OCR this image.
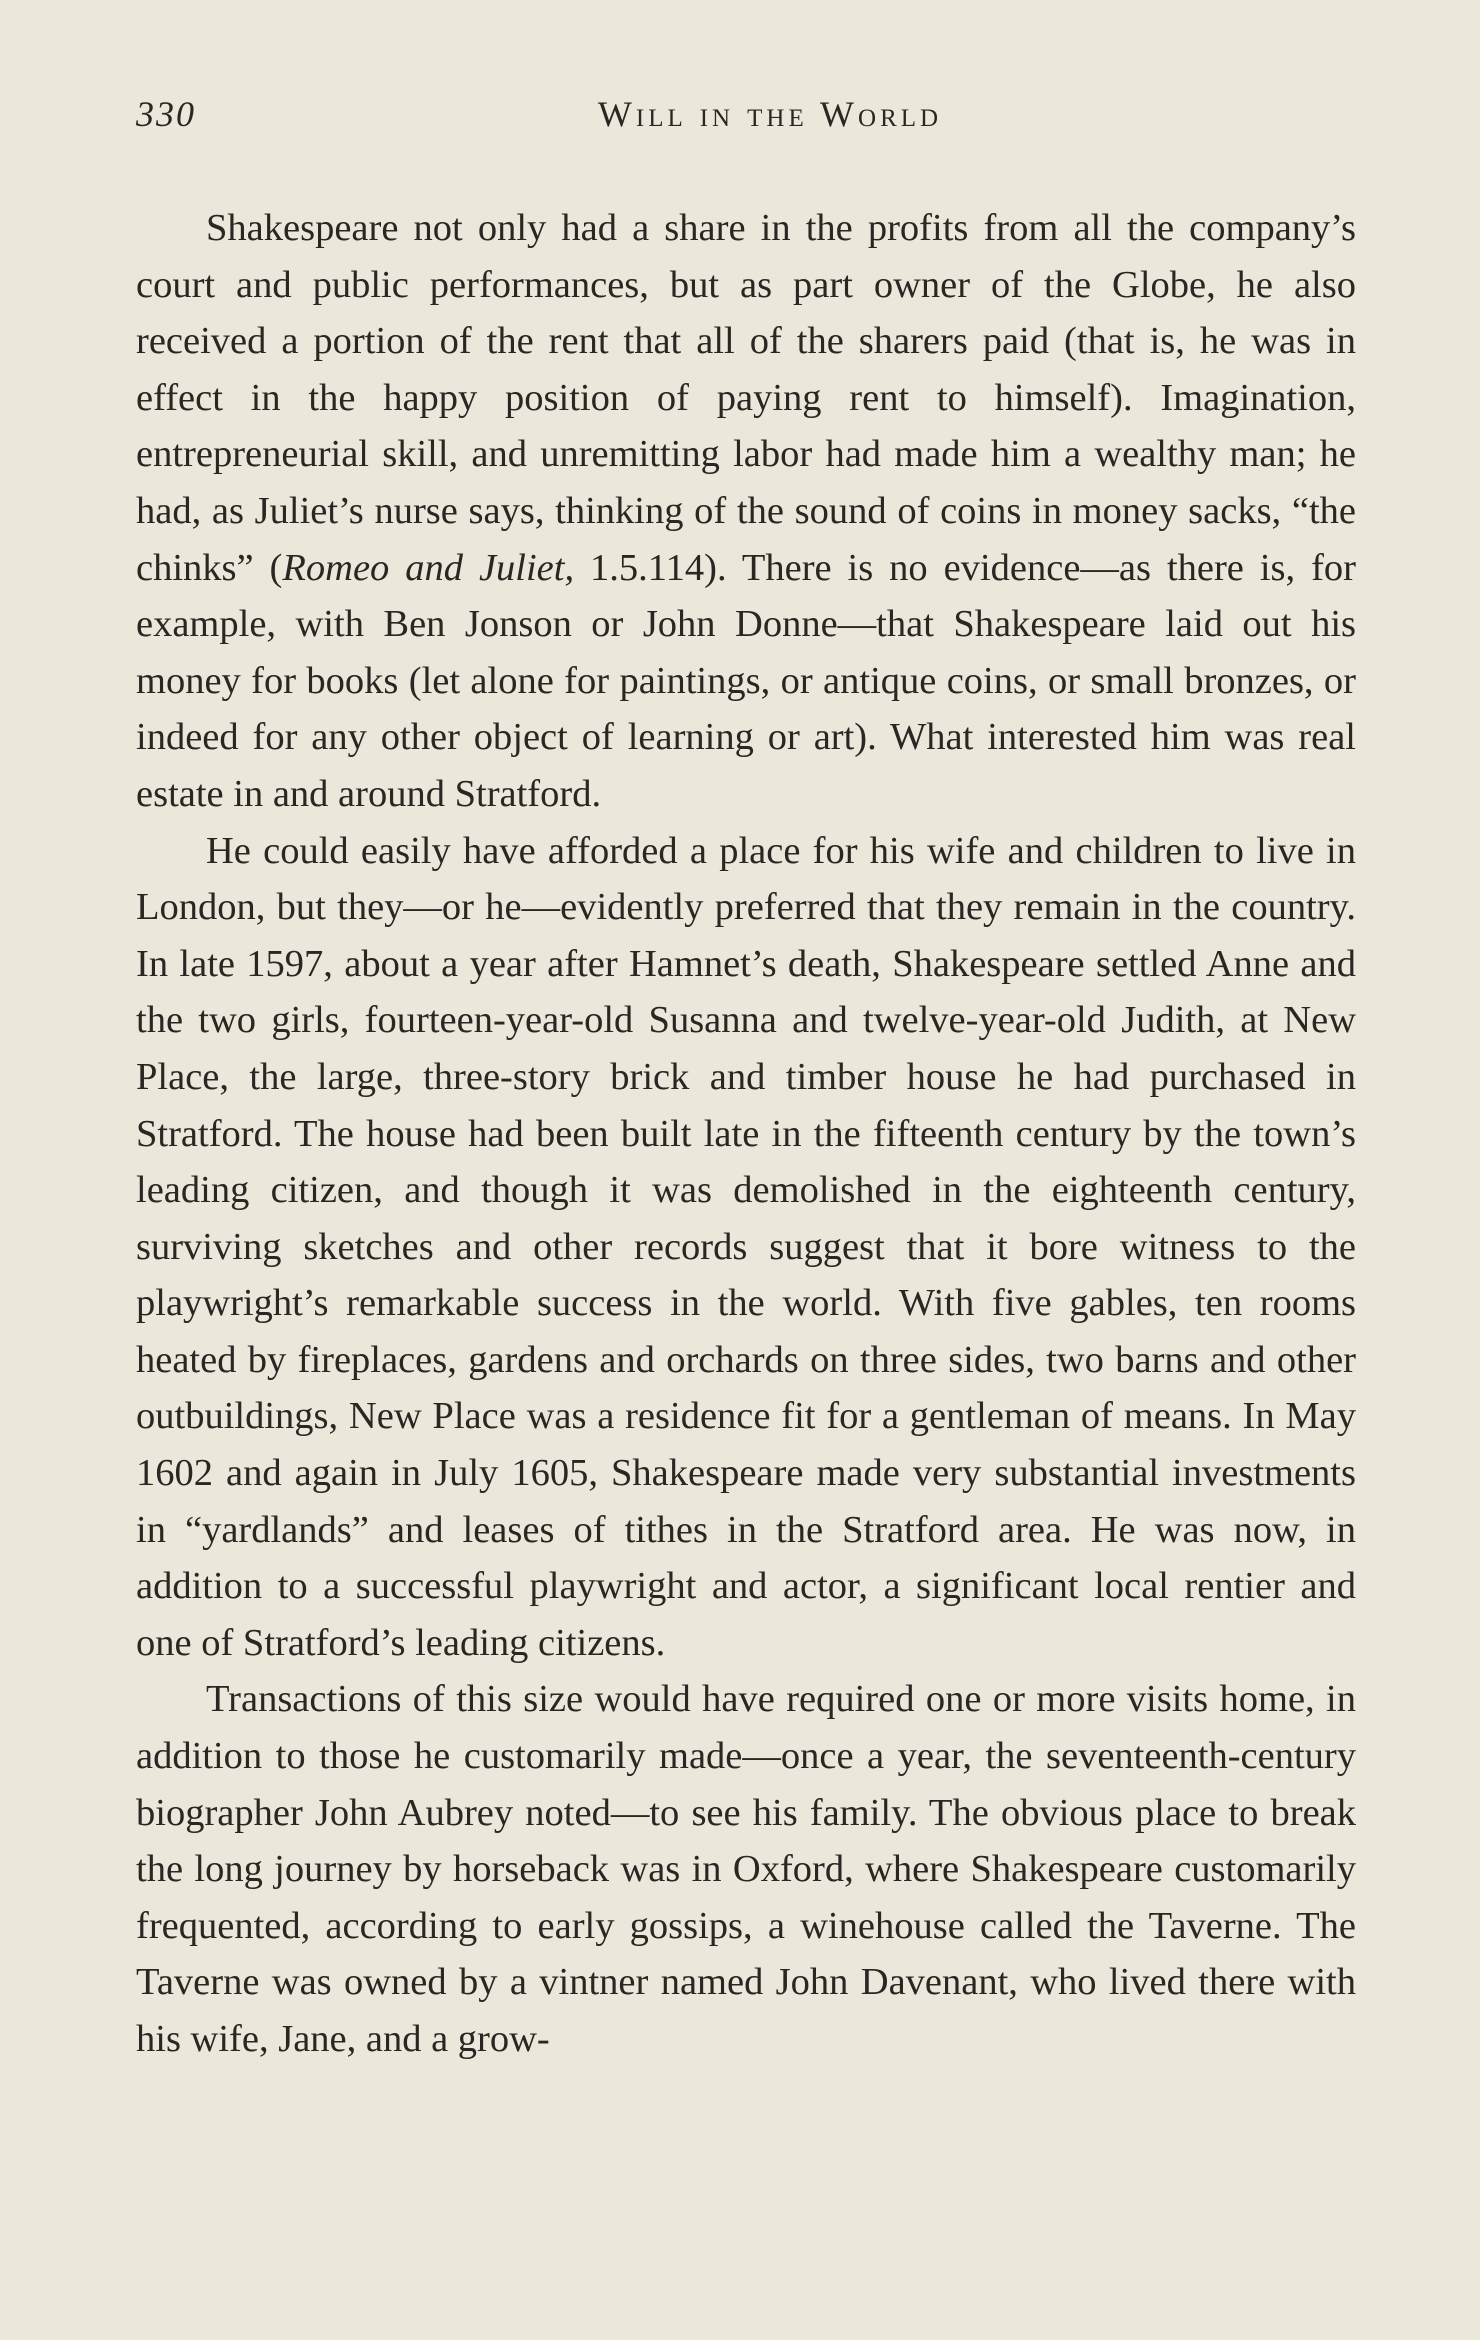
330	Will in the World

Shakespeare not only had a share in the profits from all the company’s court and public performances, but as part owner of the Globe, he also received a portion of the rent that all of the sharers paid (that is, he was in effect in the happy position of paying rent to himself). Imagination, entrepreneurial skill, and unremitting labor had made him a wealthy man; he had, as Juliet’s nurse says, thinking of the sound of coins in money sacks, “the chinks” (Romeo and Juliet, 1.5.114). There is no evidence—as there is, for example, with Ben Jonson or John Donne—that Shakespeare laid out his money for books (let alone for paintings, or antique coins, or small bronzes, or indeed for any other object of learning or art). What interested him was real estate in and around Stratford.

He could easily have afforded a place for his wife and children to live in London, but they—or he—evidently preferred that they remain in the country. In late 1597, about a year after Hamnet’s death, Shakespeare settled Anne and the two girls, fourteen-year-old Susanna and twelve-year-old Judith, at New Place, the large, three-story brick and timber house he had purchased in Stratford. The house had been built late in the fifteenth century by the town’s leading citizen, and though it was demolished in the eighteenth century, surviving sketches and other records suggest that it bore witness to the playwright’s remarkable success in the world. With five gables, ten rooms heated by fireplaces, gardens and orchards on three sides, two barns and other outbuildings, New Place was a residence fit for a gentleman of means. In May 1602 and again in July 1605, Shakespeare made very substantial investments in “yardlands” and leases of tithes in the Stratford area. He was now, in addition to a successful playwright and actor, a significant local rentier and one of Stratford’s leading citizens.

Transactions of this size would have required one or more visits home, in addition to those he customarily made—once a year, the seventeenth-century biographer John Aubrey noted—to see his family. The obvious place to break the long journey by horseback was in Oxford, where Shakespeare customarily frequented, according to early gossips, a winehouse called the Taverne. The Taverne was owned by a vintner named John Davenant, who lived there with his wife, Jane, and a grow-
